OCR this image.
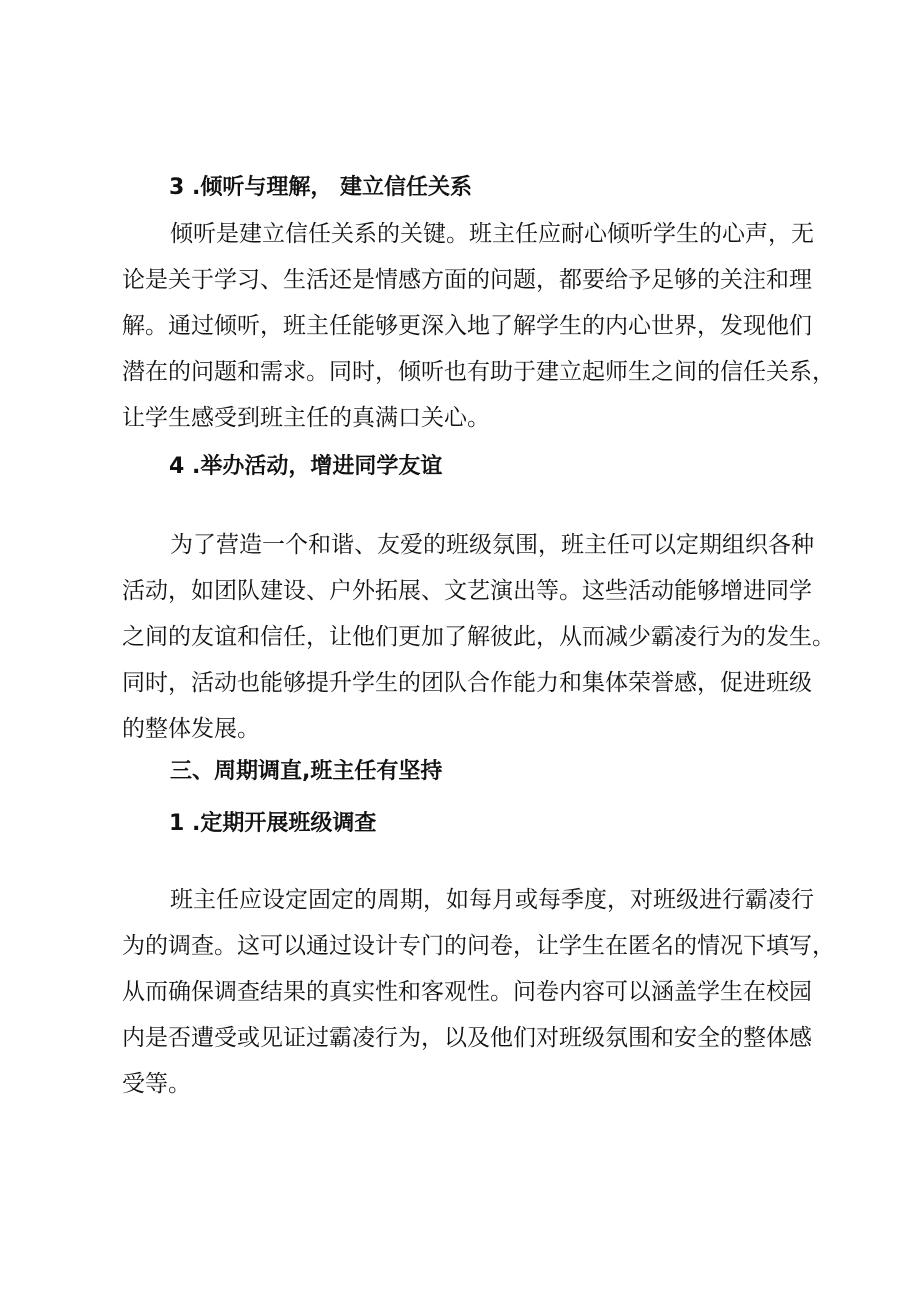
3 .倾听与理解， 建立信任关系
倾听是建立信任关系的关键。班主任应耐心倾听学生的心声，无
论是关于学习、生活还是情感方面的问题，都要给予足够的关注和理
解。通过倾听，班主任能够更深入地了解学生的内心世界，发现他们
潜在的问题和需求。同时，倾听也有助于建立起师生之间的信任关系，
让学生感受到班主任的真满口关心。
4 .举办活动，增进同学友谊
为了营造一个和谐、友爱的班级氛围，班主任可以定期组织各种
活动，如团队建设、户外拓展、文艺演出等。这些活动能够增进同学
之间的友谊和信任，让他们更加了解彼此，从而减少霸凌行为的发生。
同时，活动也能够提升学生的团队合作能力和集体荣誉感，促进班级
的整体发展。
三、周期调直,班主任有坚持
1 .定期开展班级调查
班主任应设定固定的周期，如每月或每季度，对班级进行霸凌行
为的调查。这可以通过设计专门的问卷，让学生在匿名的情况下填写，
从而确保调查结果的真实性和客观性。问卷内容可以涵盖学生在校园
内是否遭受或见证过霸凌行为，以及他们对班级氛围和安全的整体感
受等。
